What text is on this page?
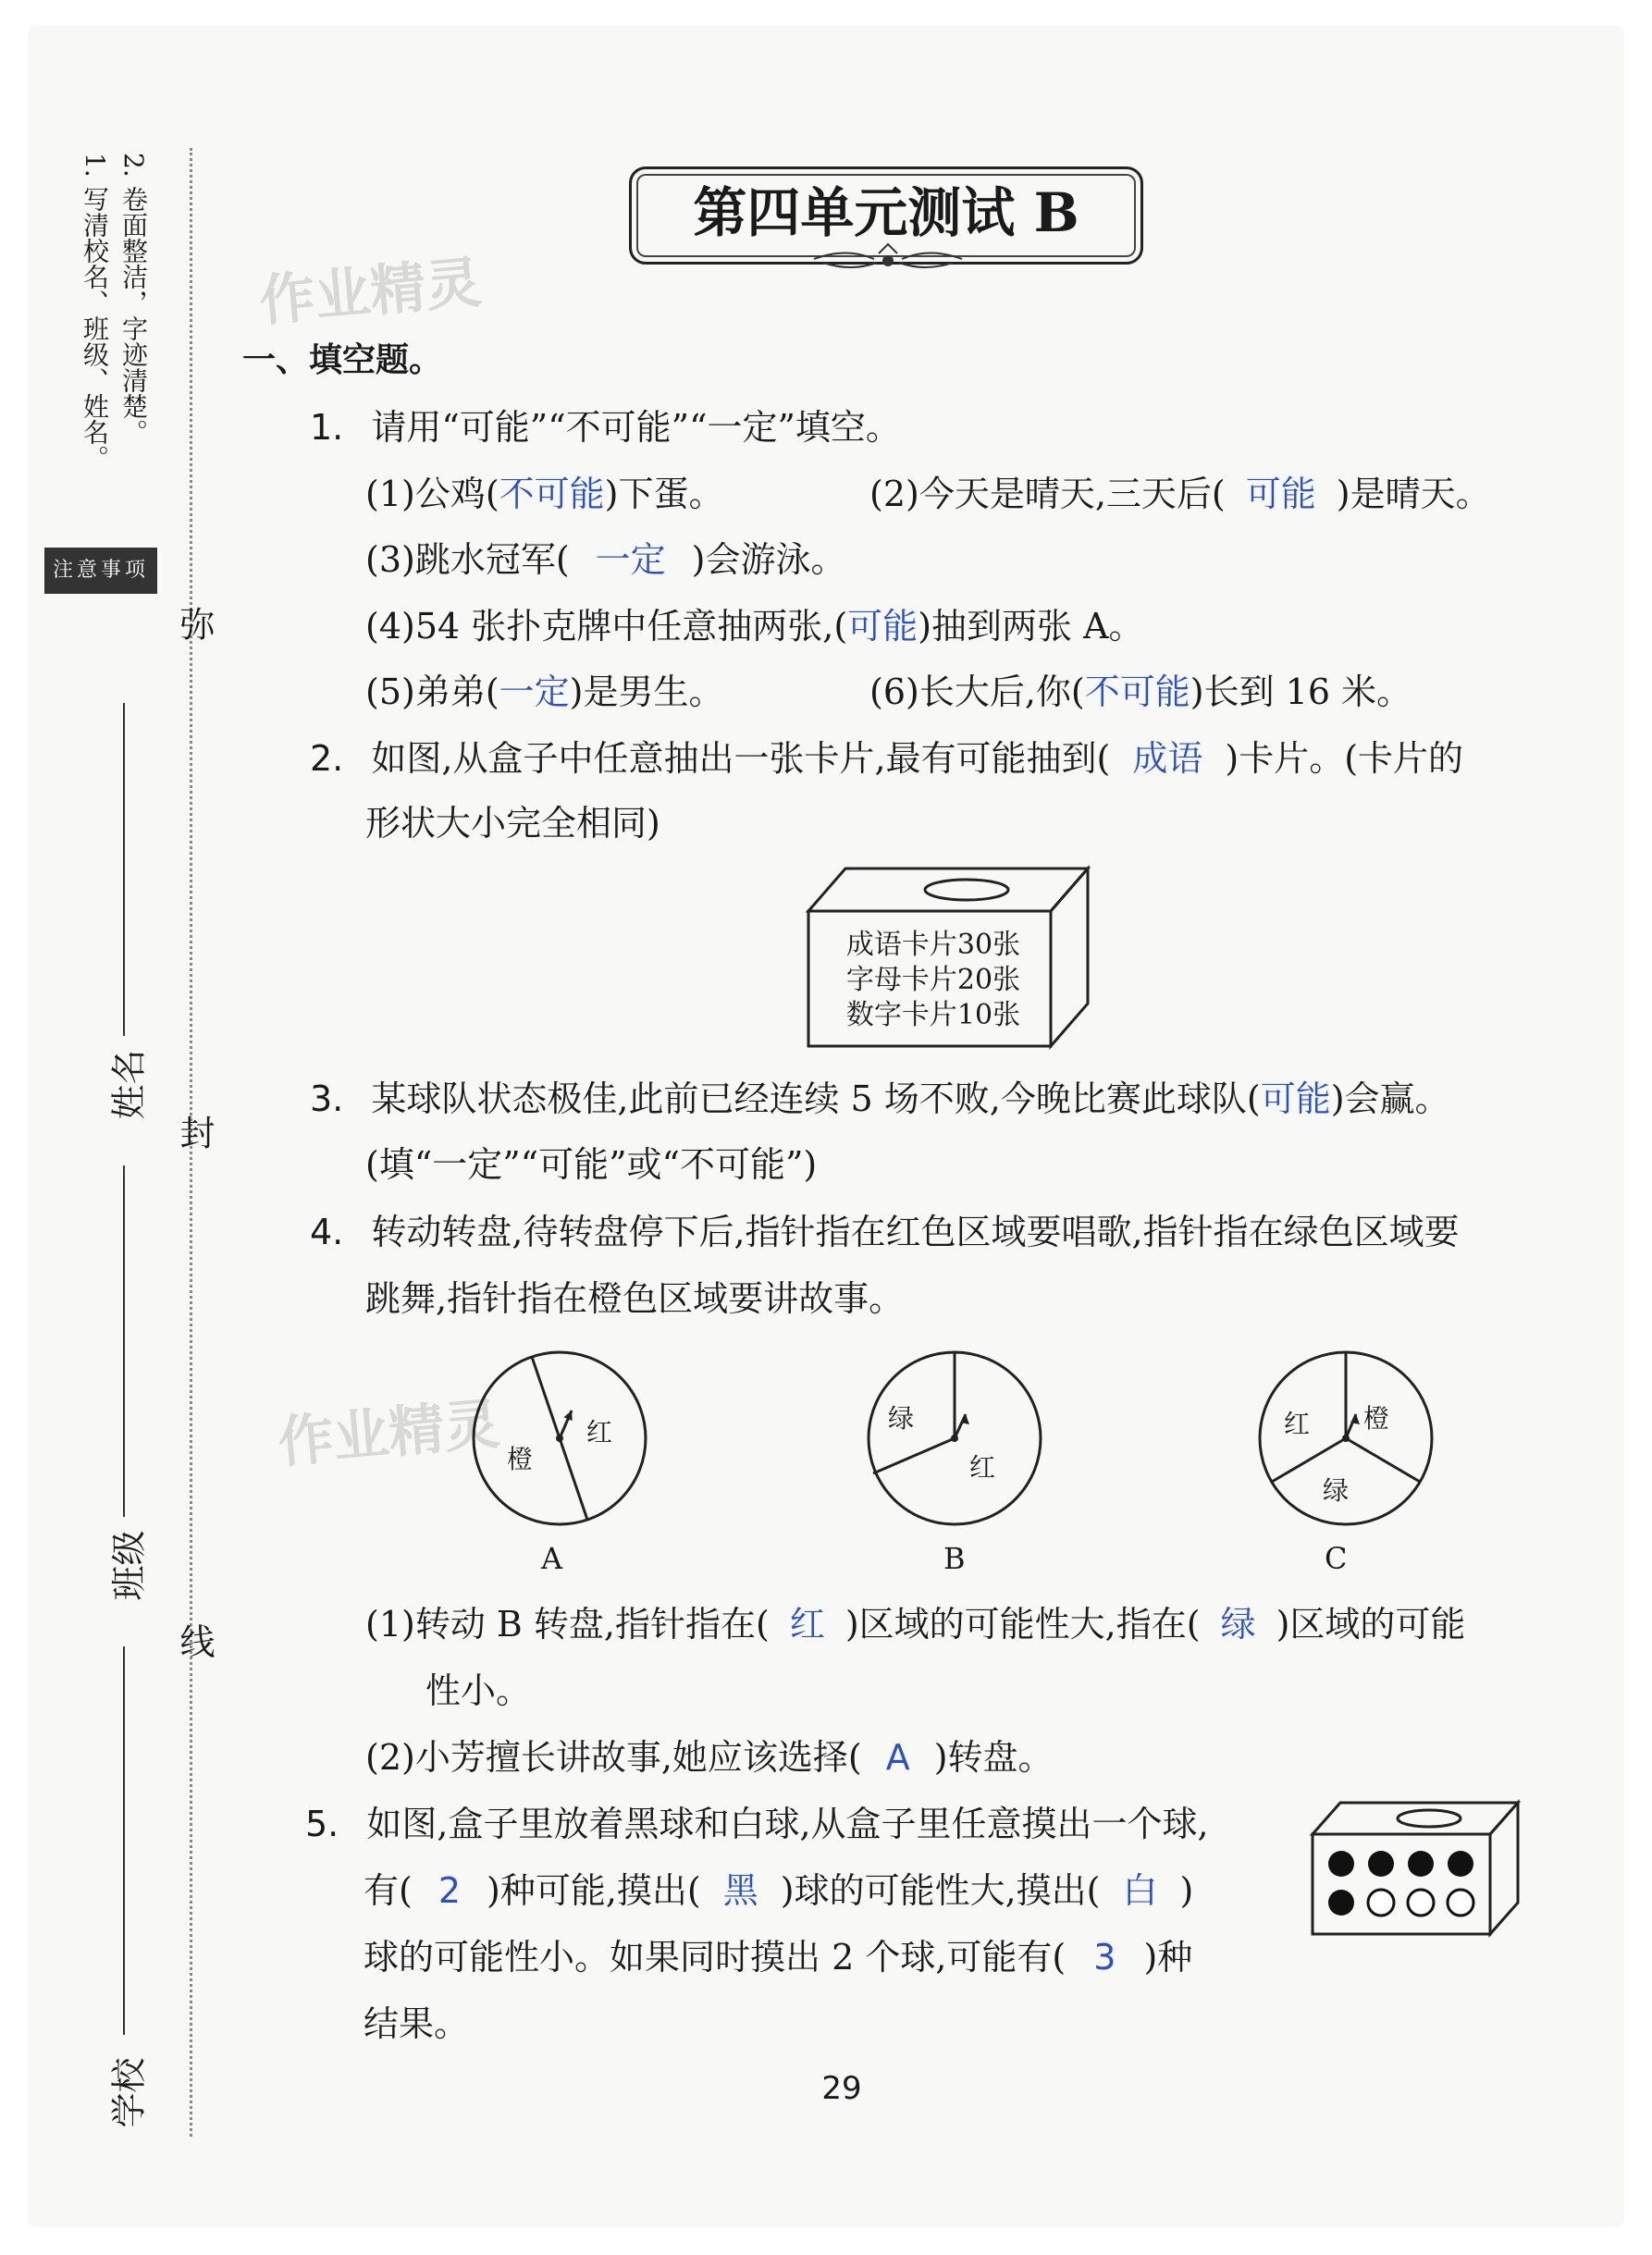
1. 写清校名、班级、姓名。 2. 卷面整洁，字迹清楚。
注意事项
弥
封
线
姓名
班级
学校
第四单元测试 B
作业精灵
作业精灵
一、填空题。
1. 请用“可能”“不可能”“一定”填空。
(1)公鸡(不可能)下蛋。	(2)今天是晴天,三天后( 可能 )是晴天。
(3)跳水冠军( 一定 )会游泳。
(4)54 张扑克牌中任意抽两张,(可能)抽到两张 A。
(5)弟弟(一定)是男生。	(6)长大后,你(不可能)长到 16 米。
2. 如图,从盒子中任意抽出一张卡片,最有可能抽到( 成语 )卡片。(卡片的
形状大小完全相同)
成语卡片30张
字母卡片20张
数字卡片10张
3. 某球队状态极佳,此前已经连续 5 场不败,今晚比赛此球队(可能)会赢。
(填“一定”“可能”或“不可能”)
4. 转动转盘,待转盘停下后,指针指在红色区域要唱歌,指针指在绿色区域要
跳舞,指针指在橙色区域要讲故事。
橙
红
A
绿
红
B
红 橙
绿
C
(1)转动 B 转盘,指针指在( 红 )区域的可能性大,指在( 绿 )区域的可能
性小。
(2)小芳擅长讲故事,她应该选择( A )转盘。
5. 如图,盒子里放着黑球和白球,从盒子里任意摸出一个球,
有( 2 )种可能,摸出( 黑 )球的可能性大,摸出( 白 )
球的可能性小。如果同时摸出 2 个球,可能有( 3 )种
结果。
29
